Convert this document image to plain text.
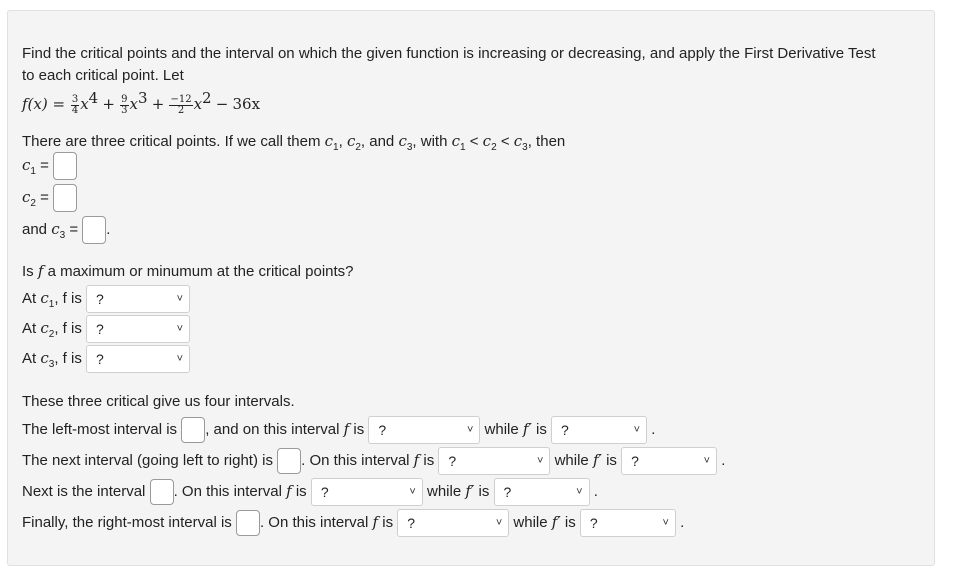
Find the critical points and the interval on which the given function is increasing or decreasing, and apply the First Derivative Test
to each critical point. Let
$f(x) = \frac{3}{4} x^4 + \frac{9}{3} x^3 + \frac{-12}{2} x^2 - 36x$
There are three critical points. If we call them $c_1$, $c_2$, and $c_3$, with $c_1 < c_2 < c_3$, then
$c_1$ =
$c_2$ =
and $c_3$ = .
Is f a maximum or minumum at the critical points?
At $c_1$, f is ?	˅
At $c_2$, f is ?	˅
At $c_3$, f is ?	˅
These three critical give us four intervals.
The left-most interval is , and on this interval f is ?	˅ while f′ is ?	˅ .
The next interval (going left to right) is . On this interval f is ?	˅ while f′ is ?	˅ .
Next is the interval . On this interval f is ?	˅ while f′ is ?	˅ .
Finally, the right-most interval is . On this interval f is ?	˅ while f′ is ?	˅ .
